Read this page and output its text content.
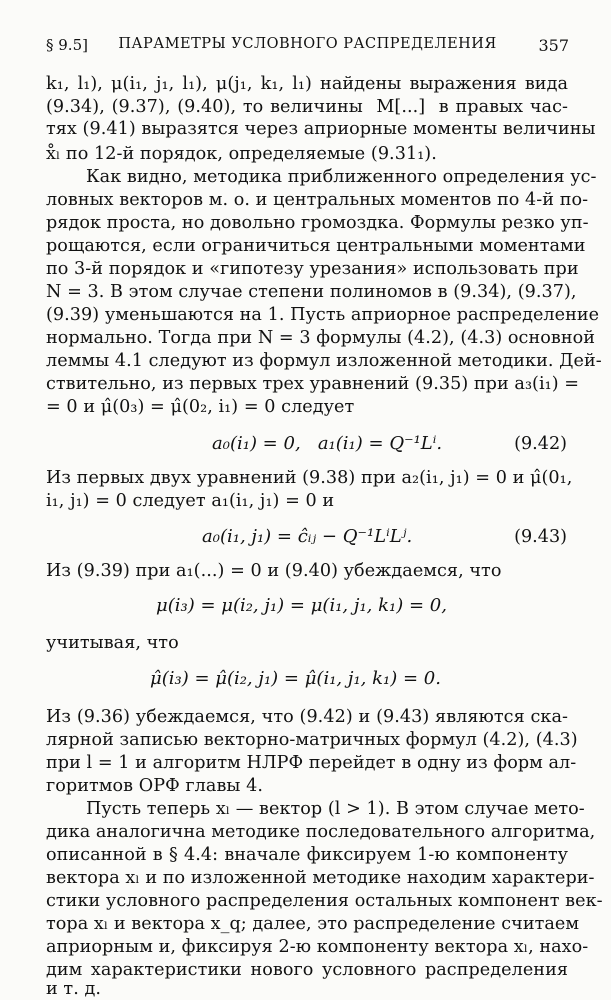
§ 9.5]	ПАРАМЕТРЫ УСЛОВНОГО РАСПРЕДЕЛЕНИЯ	357
k₁, l₁), μ(i₁, j₁, l₁), μ(j₁, k₁, l₁) найдены выражения вида
(9.34), (9.37), (9.40), то величины  M[...]  в правых час-
тях (9.41) выразятся через априорные моменты величины
x̊ₗ по 12-й порядок, определяемые (9.31₁).
Как видно, методика приближенного определения ус-
ловных векторов м. о. и центральных моментов по 4-й по-
рядок проста, но довольно громоздка. Формулы резко уп-
рощаются, если ограничиться центральными моментами
по 3-й порядок и «гипотезу урезания» использовать при
N = 3. В этом случае степени полиномов в (9.34), (9.37),
(9.39) уменьшаются на 1. Пусть априорное распределение
нормально. Тогда при N = 3 формулы (4.2), (4.3) основной
леммы 4.1 следуют из формул изложенной методики. Дей-
ствительно, из первых трех уравнений (9.35) при a₃(i₁) =
= 0 и μ̂(0₃) = μ̂(0₂, i₁) = 0 следует
a₀(i₁) = 0,   a₁(i₁) = Q⁻¹Lⁱ.	(9.42)
Из первых двух уравнений (9.38) при a₂(i₁, j₁) = 0 и μ̂(0₁,
i₁, j₁) = 0 следует a₁(i₁, j₁) = 0 и
a₀(i₁, j₁) = ĉᵢⱼ − Q⁻¹LⁱLʲ.	(9.43)
Из (9.39) при a₁(...) = 0 и (9.40) убеждаемся, что
μ(i₃) = μ(i₂, j₁) = μ(i₁, j₁, k₁) = 0,
учитывая, что
μ̂(i₃) = μ̂(i₂, j₁) = μ̂(i₁, j₁, k₁) = 0.
Из (9.36) убеждаемся, что (9.42) и (9.43) являются ска-
лярной записью векторно-матричных формул (4.2), (4.3)
при l = 1 и алгоритм НЛРФ перейдет в одну из форм ал-
горитмов ОРФ главы 4.
Пусть теперь xₗ — вектор (l > 1). В этом случае мето-
дика аналогична методике последовательного алгоритма,
описанной в § 4.4: вначале фиксируем 1-ю компоненту
вектора xₗ и по изложенной методике находим характери-
стики условного распределения остальных компонент век-
тора xₗ и вектора x_q; далее, это распределение считаем
априорным и, фиксируя 2-ю компоненту вектора xₗ, нахо-
дим характеристики нового условного распределения
и т. д.
